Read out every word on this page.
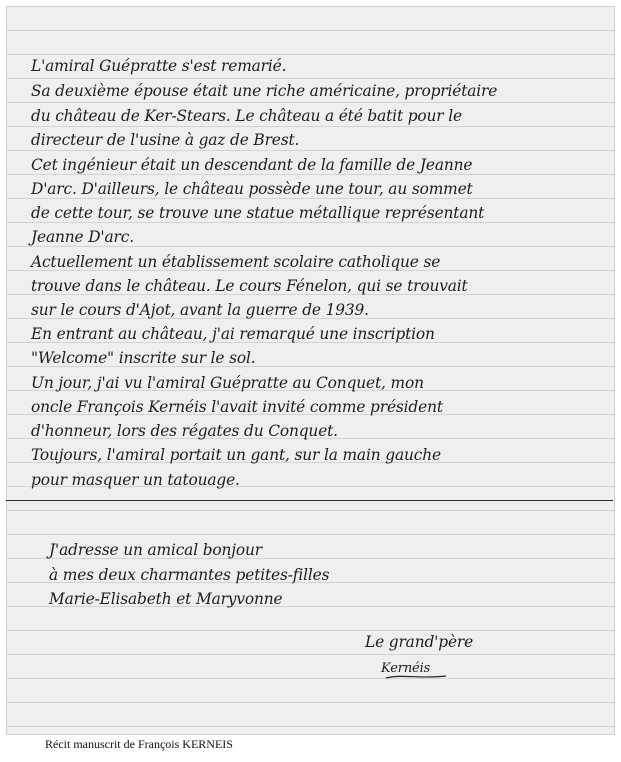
L'amiral Guépratte s'est remarié.

Sa deuxième épouse était une riche américaine, propriétaire

du château de Ker-Stears. Le château a été batit pour le

directeur de l'usine à gaz de Brest.

Cet ingénieur était un descendant de la famille de Jeanne

D'arc. D'ailleurs, le château possède une tour, au sommet

de cette tour, se trouve une statue métallique représentant

Jeanne D'arc.

Actuellement un établissement scolaire catholique se

trouve dans le château. Le cours Fénelon, qui se trouvait

sur le cours d'Ajot, avant la guerre de 1939.

En entrant au château, j'ai remarqué une inscription

"Welcome" inscrite sur le sol.

Un jour, j'ai vu l'amiral Guépratte au Conquet, mon

oncle François Kernéis l'avait invité comme président

d'honneur, lors des régates du Conquet.

Toujours, l'amiral portait un gant, sur la main gauche

pour masquer un tatouage.

J'adresse un amical bonjour

à mes deux charmantes petites-filles

Marie-Elisabeth et Maryvonne

Le grand'père

Kernéis

Récit manuscrit de François KERNEIS
